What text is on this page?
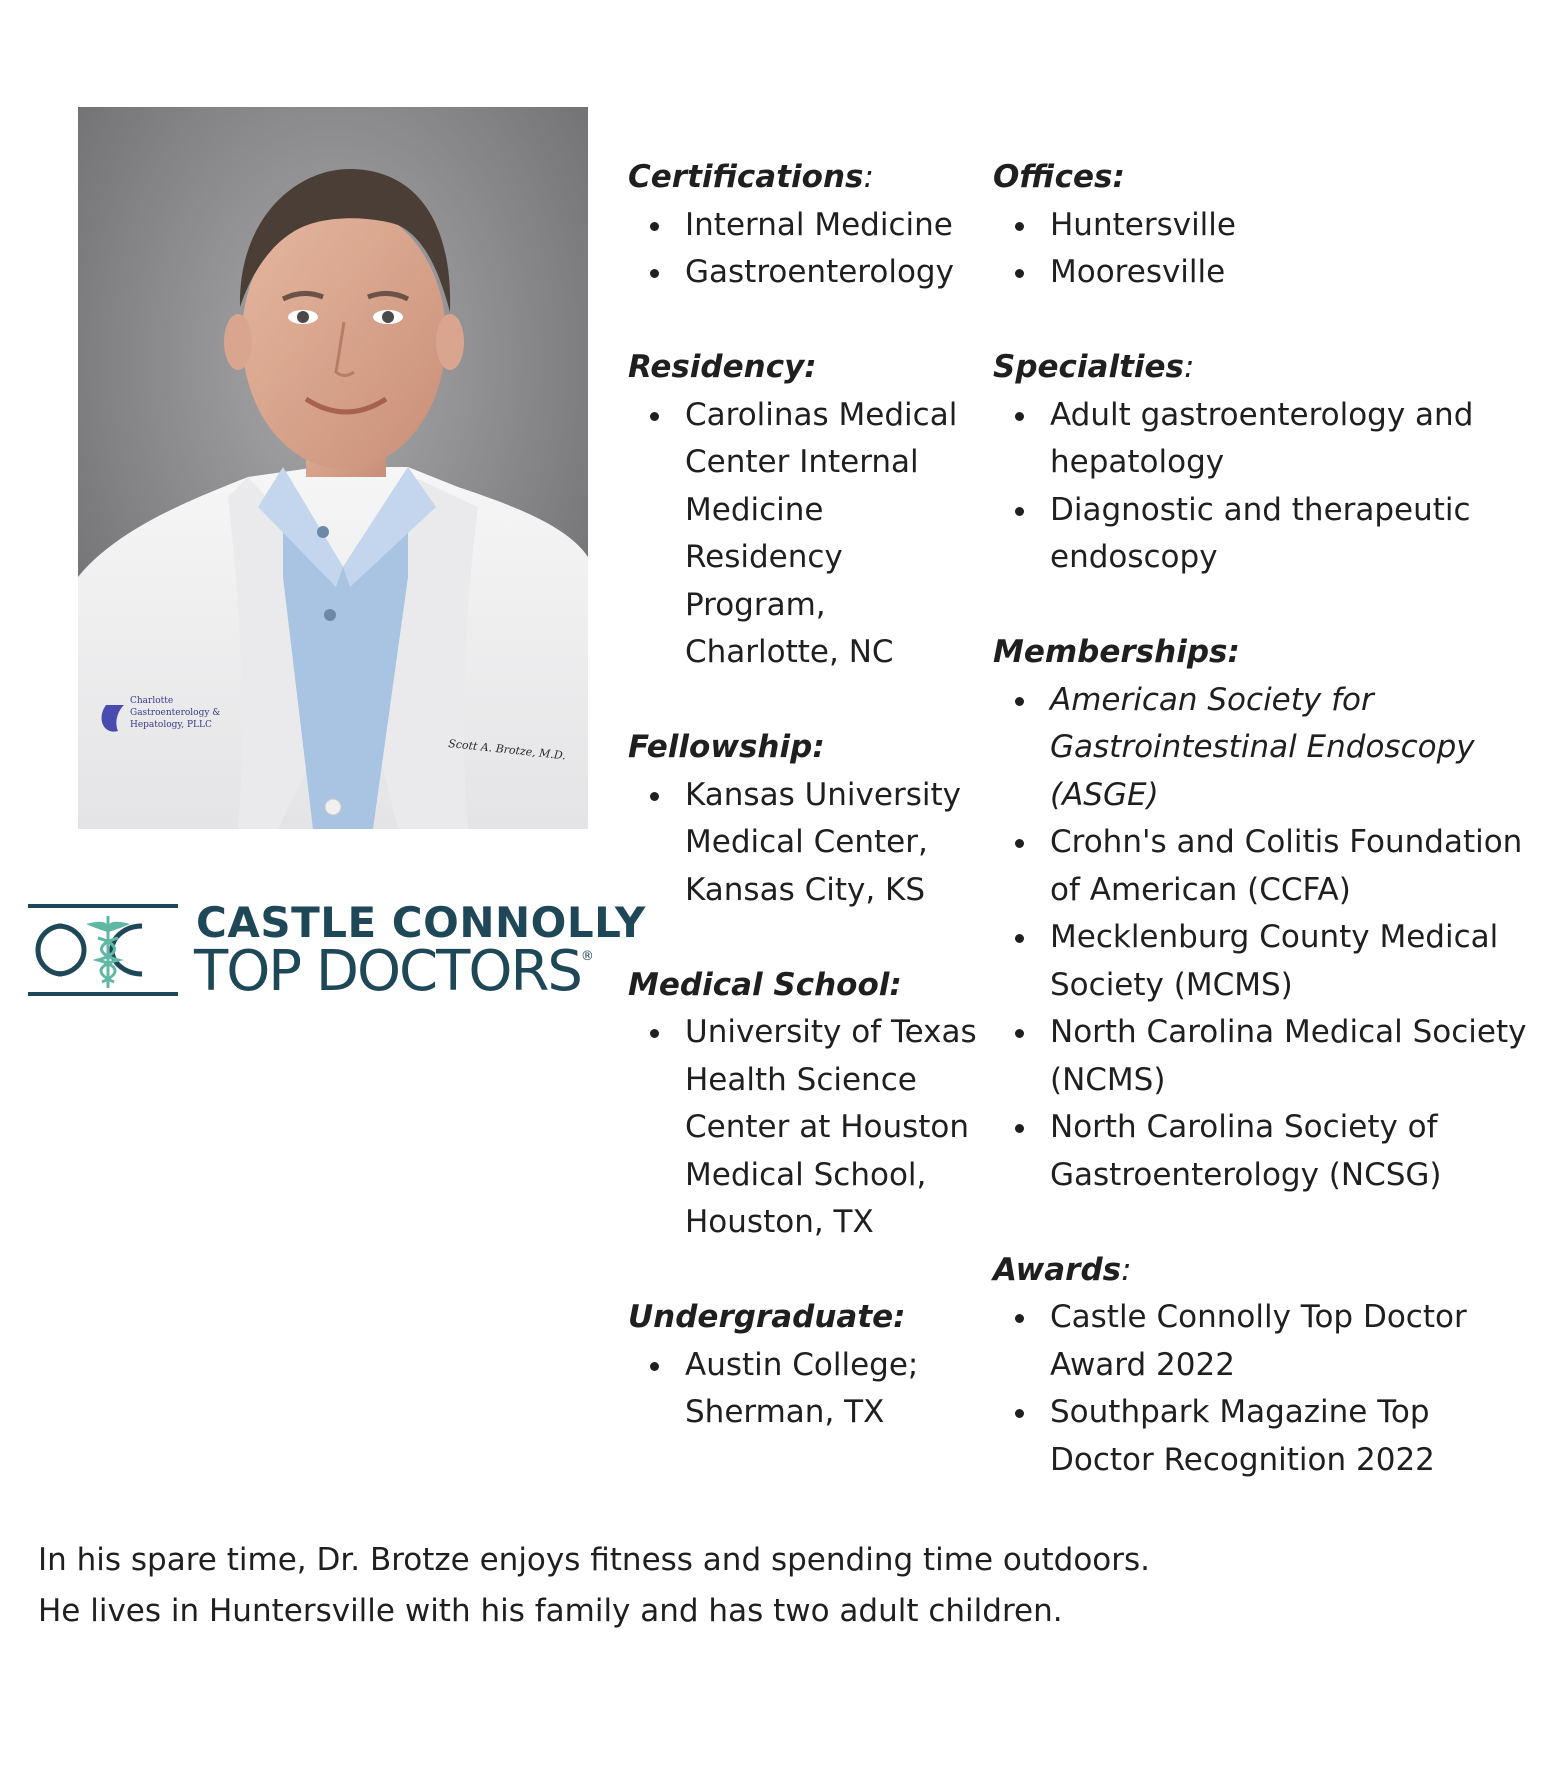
Charlotte
Gastroenterology &
Hepatology, PLLC
Scott A. Brotze, M.D.
CASTLE CONNOLLY
TOP DOCTORS®
Certifications:
Internal Medicine
Gastroenterology
Residency:
Carolinas Medical Center Internal Medicine Residency Program, Charlotte, NC
Fellowship:
Kansas University Medical Center, Kansas City, KS
Medical School:
University of Texas Health Science Center at Houston Medical School, Houston, TX
Undergraduate:
Austin College; Sherman, TX
Offices:
Huntersville
Mooresville
Specialties:
Adult gastroenterology and hepatology
Diagnostic and therapeutic endoscopy
Memberships:
American Society for Gastrointestinal Endoscopy (ASGE)
Crohn's and Colitis Foundation of American (CCFA)
Mecklenburg County Medical Society (MCMS)
North Carolina Medical Society (NCMS)
North Carolina Society of Gastroenterology (NCSG)
Awards:
Castle Connolly Top Doctor Award 2022
Southpark Magazine Top Doctor Recognition 2022
In his spare time, Dr. Brotze enjoys fitness and spending time outdoors.
He lives in Huntersville with his family and has two adult children.
